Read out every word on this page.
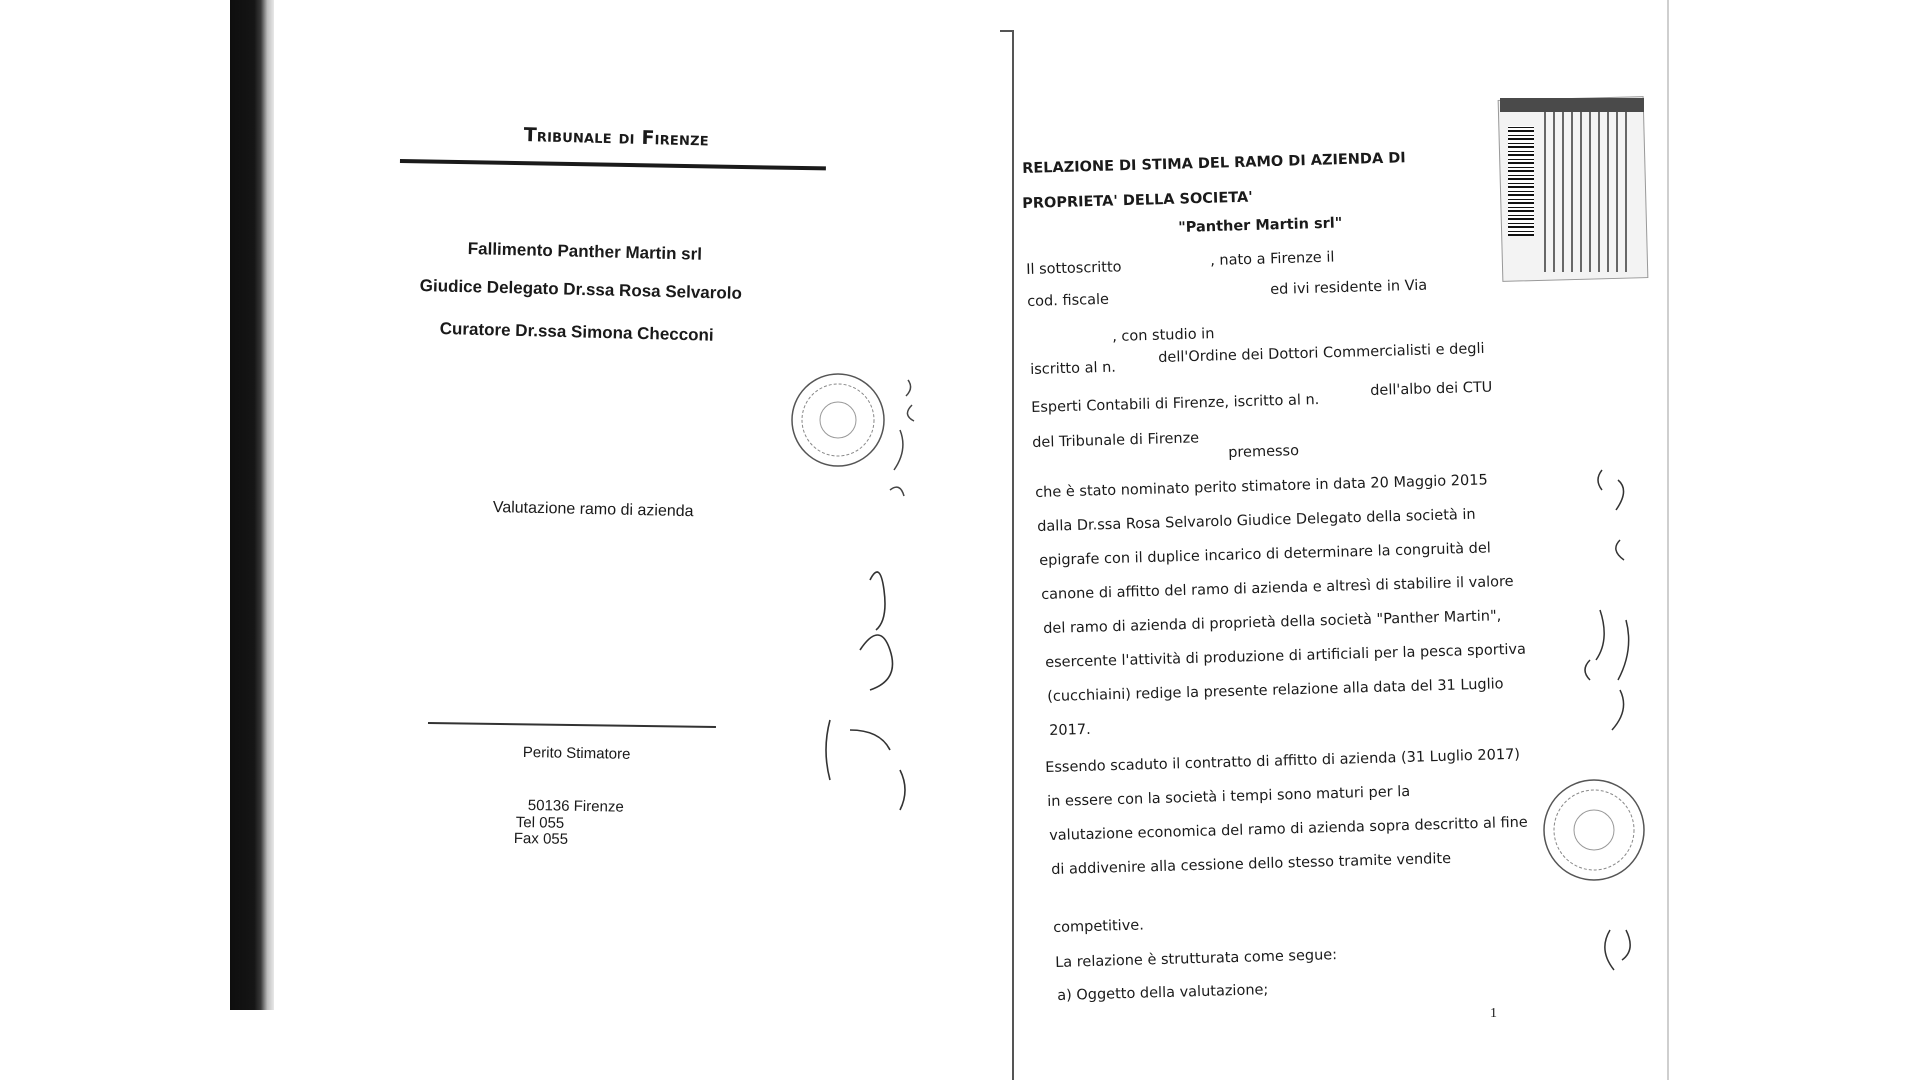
Tribunale di Firenze
Fallimento Panther Martin srl
Giudice Delegato Dr.ssa Rosa Selvarolo
Curatore Dr.ssa Simona Checconi
Valutazione ramo di azienda
Perito Stimatore
50136 Firenze
Tel 055
Fax 055
RELAZIONE DI STIMA DEL RAMO DI AZIENDA DI
PROPRIETA' DELLA SOCIETA'
"Panther Martin srl"
Il sottoscritto	, nato a Firenze il
cod. fiscale
ed ivi residente in Via
, con studio in
iscritto al n.
dell'Ordine dei Dottori Commercialisti e degli
Esperti Contabili di Firenze, iscritto al n.
dell'albo dei CTU
del Tribunale di Firenze
premesso
che è stato nominato perito stimatore in data 20 Maggio 2015
dalla Dr.ssa Rosa Selvarolo Giudice Delegato della società in
epigrafe con il duplice incarico di determinare la congruità del
canone di affitto del ramo di azienda e altresì di stabilire il valore
del ramo di azienda di proprietà della società "Panther Martin",
esercente l'attività di produzione di artificiali per la pesca sportiva
(cucchiaini) redige la presente relazione alla data del 31 Luglio
2017.
Essendo scaduto il contratto di affitto di azienda (31 Luglio 2017)
in essere con la società i tempi sono maturi per la
valutazione economica del ramo di azienda sopra descritto al fine
di addivenire alla cessione dello stesso tramite vendite
competitive.
La relazione è strutturata come segue:
a) Oggetto della valutazione;
1
